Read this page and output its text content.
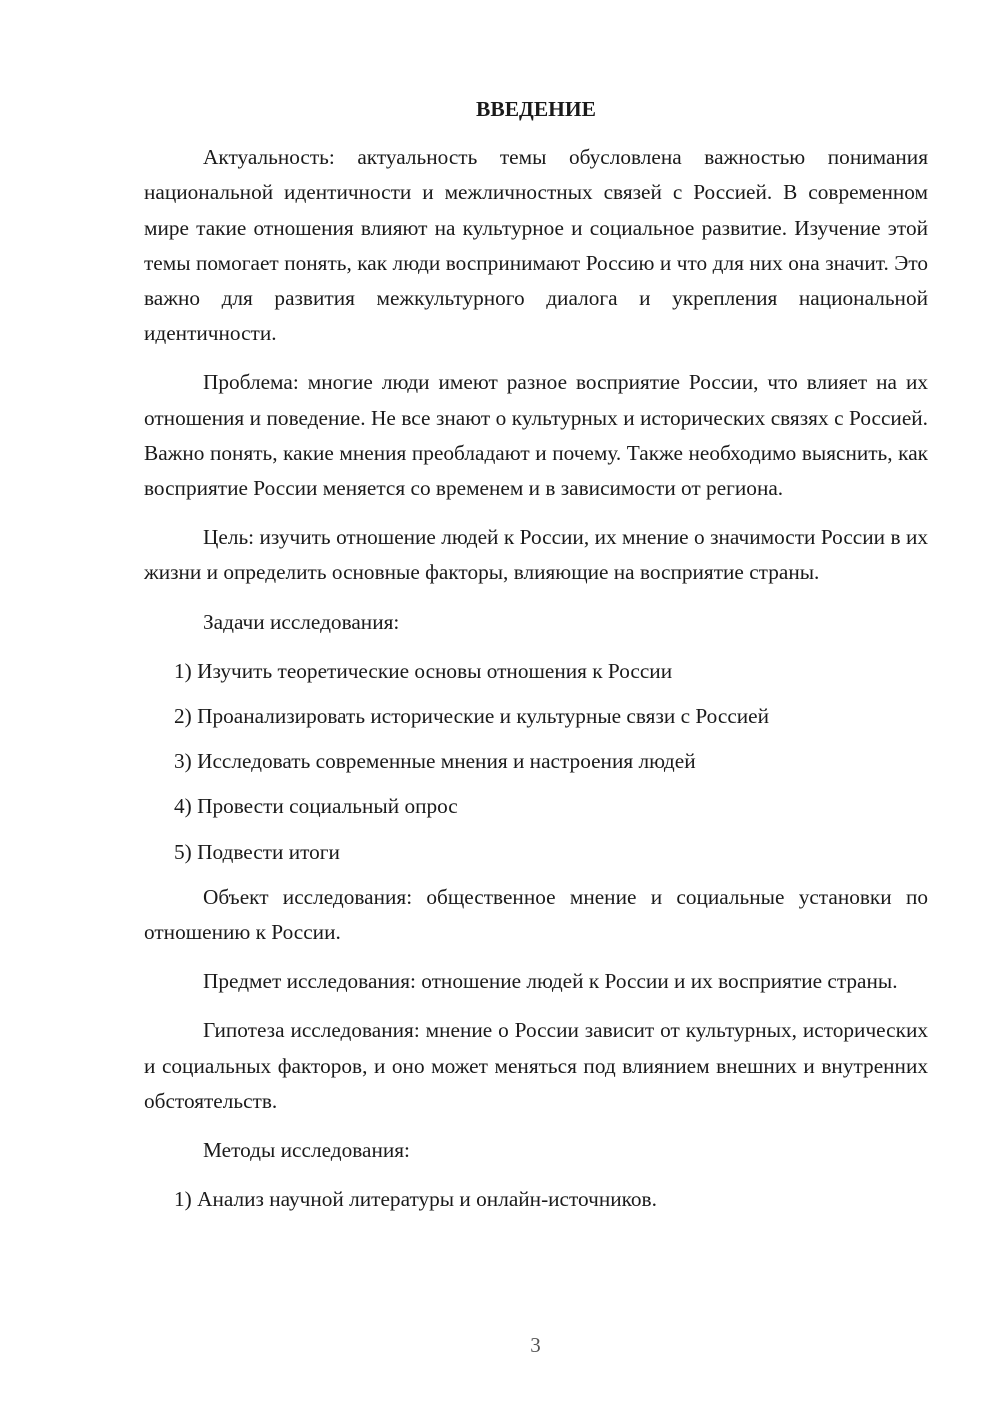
ВВЕДЕНИЕ

Актуальность: актуальность темы обусловлена важностью понимания национальной идентичности и межличностных связей с Россией. В современном мире такие отношения влияют на культурное и социальное развитие. Изучение этой темы помогает понять, как люди воспринимают Россию и что для них она значит. Это важно для развития межкультурного диалога и укрепления национальной идентичности.

Проблема: многие люди имеют разное восприятие России, что влияет на их отношения и поведение. Не все знают о культурных и исторических связях с Россией. Важно понять, какие мнения преобладают и почему. Также необходимо выяснить, как восприятие России меняется со временем и в зависимости от региона.

Цель: изучить отношение людей к России, их мнение о значимости России в их жизни и определить основные факторы, влияющие на восприятие страны.

Задачи исследования:

1) Изучить теоретические основы отношения к России
2) Проанализировать исторические и культурные связи с Россией
3) Исследовать современные мнения и настроения людей
4) Провести социальный опрос
5) Подвести итоги

Объект исследования: общественное мнение и социальные установки по отношению к России.

Предмет исследования: отношение людей к России и их восприятие страны.

Гипотеза исследования: мнение о России зависит от культурных, исторических и социальных факторов, и оно может меняться под влиянием внешних и внутренних обстоятельств.

Методы исследования:

1) Анализ научной литературы и онлайн-источников.
3
